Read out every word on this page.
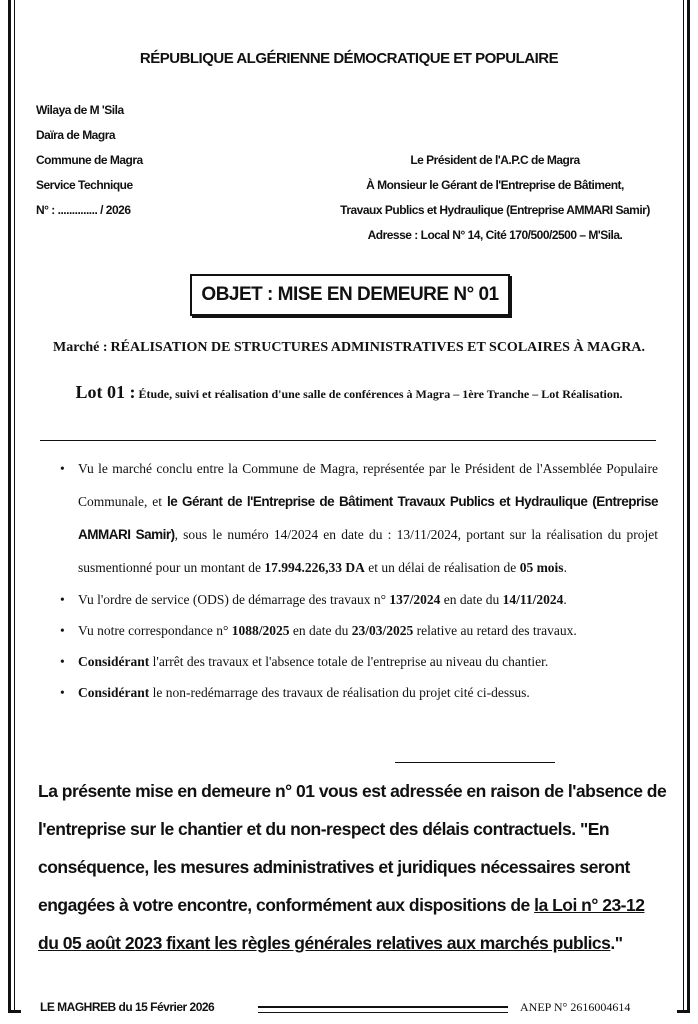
RÉPUBLIQUE ALGÉRIENNE DÉMOCRATIQUE ET POPULAIRE
Wilaya de M 'Sila
Daïra de Magra
Commune de Magra
Service Technique
N° : .............. / 2026
Le Président de l'A.P.C de Magra
À Monsieur le Gérant de l'Entreprise de Bâtiment,
Travaux Publics et Hydraulique (Entreprise AMMARI Samir)
Adresse : Local N° 14, Cité 170/500/2500 – M'Sila.
OBJET : MISE EN DEMEURE N° 01
Marché : RÉALISATION DE STRUCTURES ADMINISTRATIVES ET SCOLAIRES À MAGRA.
Lot 01 : Étude, suivi et réalisation d'une salle de conférences à Magra – 1ère Tranche – Lot Réalisation.
• Vu le marché conclu entre la Commune de Magra, représentée par le Président de l'Assemblée Populaire Communale, et le Gérant de l'Entreprise de Bâtiment Travaux Publics et Hydraulique (Entreprise AMMARI Samir), sous le numéro 14/2024 en date du : 13/11/2024, portant sur la réalisation du projet susmentionné pour un montant de 17.994.226,33 DA et un délai de réalisation de 05 mois.
• Vu l'ordre de service (ODS) de démarrage des travaux n° 137/2024 en date du 14/11/2024.
• Vu notre correspondance n° 1088/2025 en date du 23/03/2025 relative au retard des travaux.
• Considérant l'arrêt des travaux et l'absence totale de l'entreprise au niveau du chantier.
• Considérant le non-redémarrage des travaux de réalisation du projet cité ci-dessus.
La présente mise en demeure n° 01 vous est adressée en raison de l'absence de l'entreprise sur le chantier et du non-respect des délais contractuels. "En conséquence, les mesures administratives et juridiques nécessaires seront engagées à votre encontre, conformément aux dispositions de la Loi n° 23-12 du 05 août 2023 fixant les règles générales relatives aux marchés publics."
LE MAGHREB du 15 Février 2026	ANEP N° 2616004614
